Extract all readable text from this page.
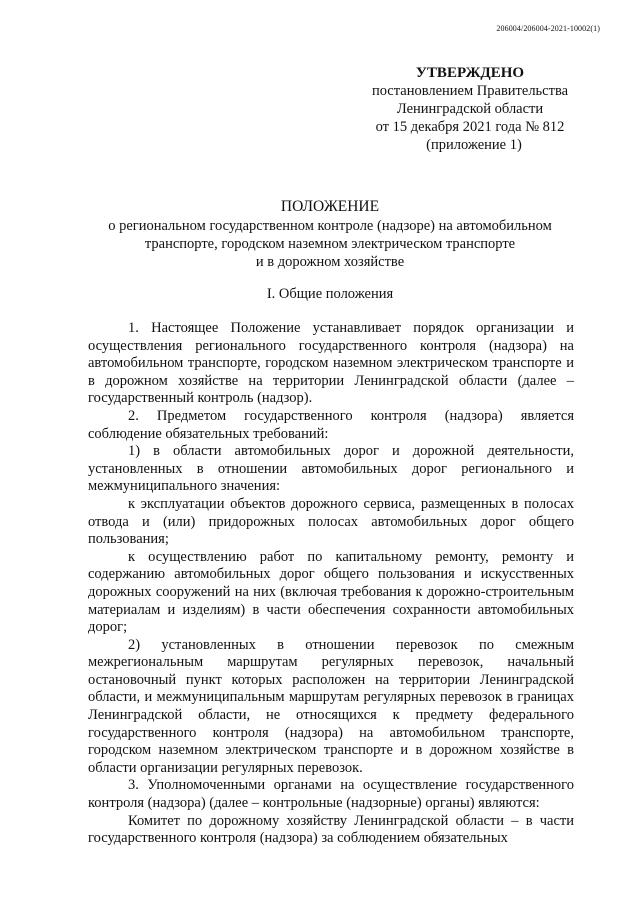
206004/206004-2021-10002(1)
УТВЕРЖДЕНО
постановлением Правительства
Ленинградской области
от 15 декабря 2021 года № 812
(приложение 1)
ПОЛОЖЕНИЕ
о региональном государственном контроле (надзоре) на автомобильном
транспорте, городском наземном электрическом транспорте
и в дорожном хозяйстве
I. Общие положения

1. Настоящее Положение устанавливает порядок организации и осуществления регионального государственного контроля (надзора) на автомобильном транспорте, городском наземном электрическом транспорте и в дорожном хозяйстве на территории Ленинградской области (далее – государственный контроль (надзор).

2. Предметом государственного контроля (надзора) является соблюдение обязательных требований:

1) в области автомобильных дорог и дорожной деятельности, установленных в отношении автомобильных дорог регионального и межмуниципального значения:

к эксплуатации объектов дорожного сервиса, размещенных в полосах отвода и (или) придорожных полосах автомобильных дорог общего пользования;

к осуществлению работ по капитальному ремонту, ремонту и содержанию автомобильных дорог общего пользования и искусственных дорожных сооружений на них (включая требования к дорожно-строительным материалам и изделиям) в части обеспечения сохранности автомобильных дорог;

2) установленных в отношении перевозок по смежным межрегиональным маршрутам регулярных перевозок, начальный остановочный пункт которых расположен на территории Ленинградской области, и межмуниципальным маршрутам регулярных перевозок в границах Ленинградской области, не относящихся к предмету федерального государственного контроля (надзора) на автомобильном транспорте, городском наземном электрическом транспорте и в дорожном хозяйстве в области организации регулярных перевозок.

3. Уполномоченными органами на осуществление государственного контроля (надзора) (далее – контрольные (надзорные) органы) являются:

Комитет по дорожному хозяйству Ленинградской области – в части государственного контроля (надзора) за соблюдением обязательных
